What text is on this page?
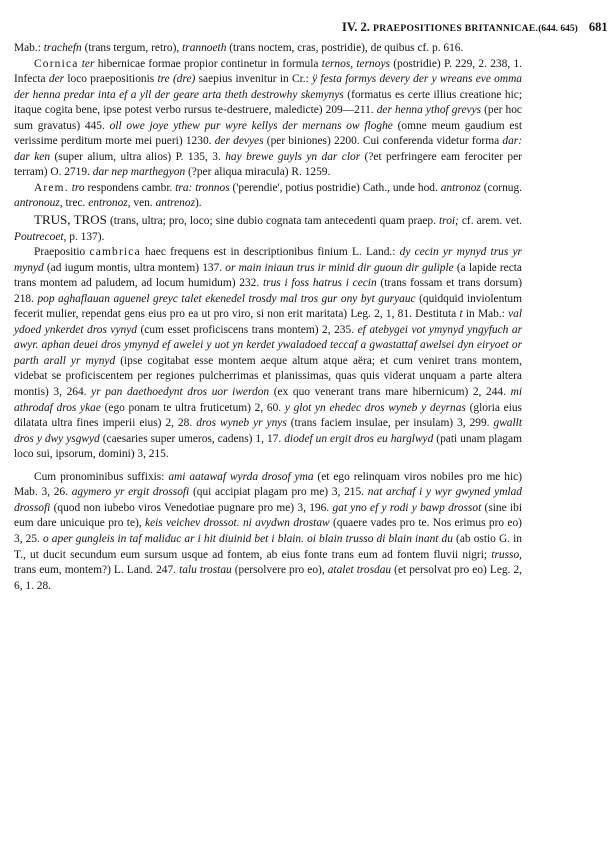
IV. 2. PRAEPOSITIONES BRITANNICAE. (644. 645) 681

Mab.: trachefn (trans tergum, retro), trannoeth (trans noctem, cras, postridie), de quibus cf. p. 616.

Cornica ter hibernicae formae propior continetur in formula ternos, ternoys (postridie) P. 229, 2. 238, 1. Infecta der loco praepositionis tre (dre) saepius invenitur in Cr.: ÿ festa formys devery der y wreans eve omma der henna predar inta ef a yll der geare arta theth destrowhy skemynys (formatus es certe illius creatione hic; itaque cogita bene, ipse potest verbo rursus te-destruere, maledicte) 209—211. der henna ythof grevys (per hoc sum gravatus) 445. oll owe joye ythew pur wyre kellys der mernans ow floghe (omne meum gaudium est verissime perditum morte mei pueri) 1230. der devyes (per biniones) 2200. Cui conferenda videtur forma dar: dar ken (super alium, ultra alios) P. 135, 3. hay brewe guyls yn dar clor (?et perfringere eam ferociter per terram) O. 2719. dar nep marthegyon (?per aliqua miracula) R. 1259.

Arem. tro respondens cambr. tra: tronnos ('perendie', potius postridie) Cath., unde hod. antronoz (cornug. antronouz, trec. entronoz, ven. antrenoz).

TRUS, TROS (trans, ultra; pro, loco; sine dubio cognata tam antecedenti quam praep. troi; cf. arem. vet. Poutrecoet, p. 137).

Praepositio cambrica haec frequens est in descriptionibus finium L. Land.: dy cecin yr mynyd trus yr mynyd (ad iugum montis, ultra montem) 137. or main iniaun trus ir minid dir guoun dir guliple (a lapide recta trans montem ad paludem, ad locum humidum) 232. trus i foss hatrus i cecin (trans fossam et trans dorsum) 218. pop aghaflauan aguenel greyc talet ekenedel trosdy mal tros gur ony byt guryauc (quidquid inviolentum fecerit mulier, rependat gens eius pro ea ut pro viro, si non erit maritata) Leg. 2, 1, 81. Destituta t in Mab.: val ydoed ynkerdet dros vynyd (cum esset proficiscens trans montem) 2, 235. ef atebygei vot ymynyd yngyfuch ar awyr. aphan deuei dros ymynyd ef awelei y uot yn kerdet ywaladoed teccaf a gwastattaf awelsei dyn eiryoet or parth arall yr mynyd (ipse cogitabat esse montem aeque altum atque aëra; et cum veniret trans montem, videbat se proficiscentem per regiones pulcherrimas et planissimas, quas quis viderat unquam a parte altera montis) 3, 264. yr pan daethoedynt dros uor iwerdon (ex quo venerant trans mare hibernicum) 2, 244. mi athrodaf dros ykae (ego ponam te ultra fruticetum) 2, 60. y glot yn ehedec dros wyneb y deyrnas (gloria eius dilatata ultra fines imperii eius) 2, 28. dros wyneb yr ynys (trans faciem insulae, per insulam) 3, 299. gwallt dros y dwy ysgwyd (caesaries super umeros, cadens) 1, 17. diodef un ergit dros eu harglwyd (pati unam plagam loco sui, ipsorum, domini) 3, 215.

Cum pronominibus suffixis: ami aatawaf wyrda drosof yma (et ego relinquam viros nobiles pro me hic) Mab. 3, 26. agymero yr ergit drossofi (qui accipiat plagam pro me) 3, 215. nat archaf i y wyr gwyned ymlad drossofi (quod non iubebo viros Venedotiae pugnare pro me) 3, 196. gat yno ef y rodi y bawp drossot (sine ibi eum dare unicuique pro te), keis veichev drossot. ni avydwn drostaw (quaere vades pro te. Nos erimus pro eo) 3, 25. o aper gungleis in taf maliduc ar i hit diuinid bet i blain. oi blain trusso di blain inant du (ab ostio G. in T., ut ducit secundum eum sursum usque ad fontem, ab eius fonte trans eum ad fontem fluvii nigri; trusso, trans eum, montem?) L. Land. 247. talu trostau (persolvere pro eo), atalet trosdau (et persolvat pro eo) Leg. 2, 6, 1. 28.
